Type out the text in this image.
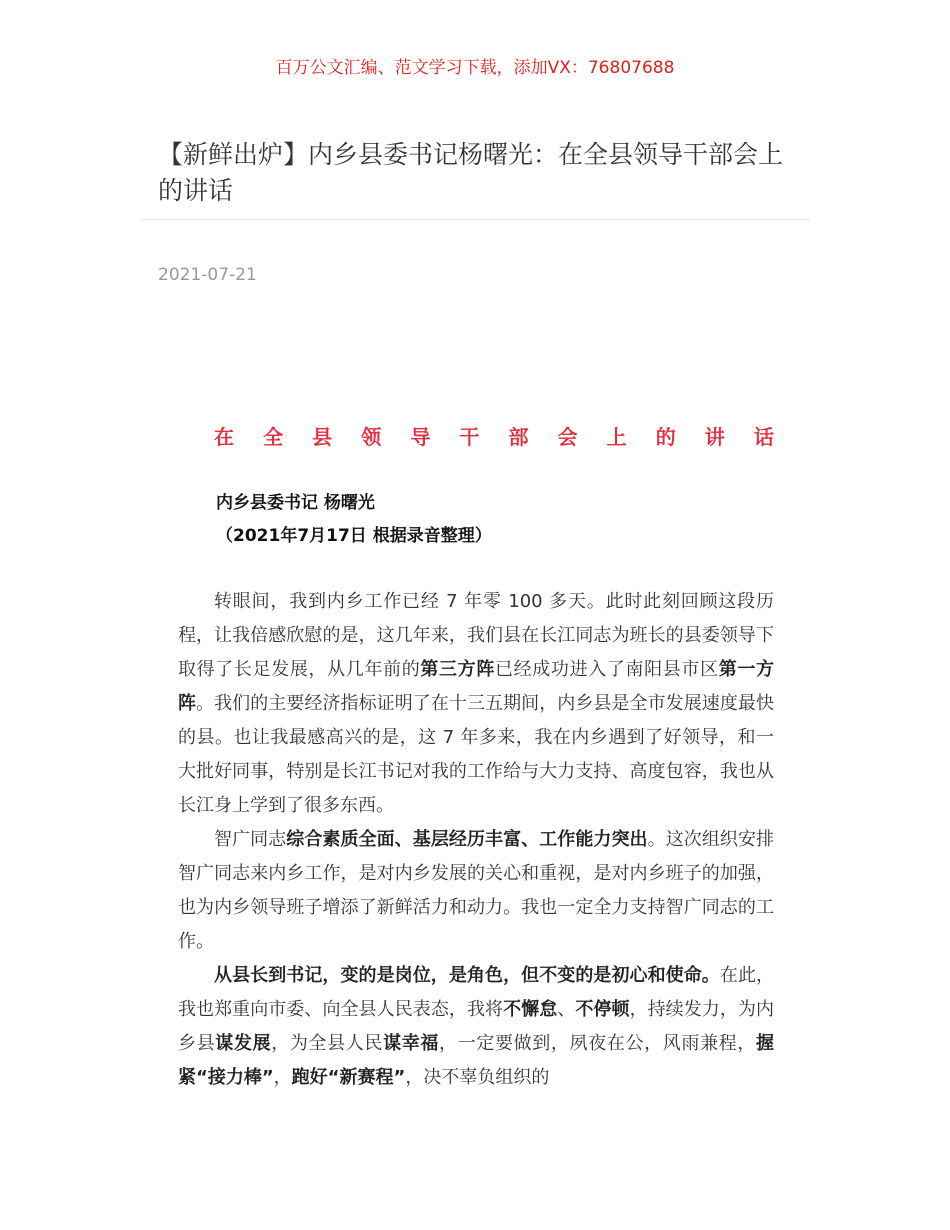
百万公文汇编、范文学习下载，添加VX：76807688
【新鲜出炉】内乡县委书记杨曙光：在全县领导干部会上的讲话
2021-07-21
在 全 县 领 导 干 部 会 上 的 讲 话
内乡县委书记 杨曙光
（2021年7月17日 根据录音整理）

转眼间，我到内乡工作已经 7 年零 100 多天。此时此刻回顾这段历程，让我倍感欣慰的是，这几年来，我们县在长江同志为班长的县委领导下取得了长足发展，从几年前的第三方阵已经成功进入了南阳县市区第一方阵。我们的主要经济指标证明了在十三五期间，内乡县是全市发展速度最快的县。也让我最感高兴的是，这 7 年多来，我在内乡遇到了好领导，和一大批好同事，特别是长江书记对我的工作给与大力支持、高度包容，我也从长江身上学到了很多东西。

智广同志综合素质全面、基层经历丰富、工作能力突出。这次组织安排智广同志来内乡工作，是对内乡发展的关心和重视，是对内乡班子的加强，也为内乡领导班子增添了新鲜活力和动力。我也一定全力支持智广同志的工作。

从县长到书记，变的是岗位，是角色，但不变的是初心和使命。在此，我也郑重向市委、向全县人民表态，我将不懈怠、不停顿，持续发力，为内乡县谋发展，为全县人民谋幸福，一定要做到，夙夜在公，风雨兼程，握紧“接力棒”，跑好“新赛程”，决不辜负组织的
